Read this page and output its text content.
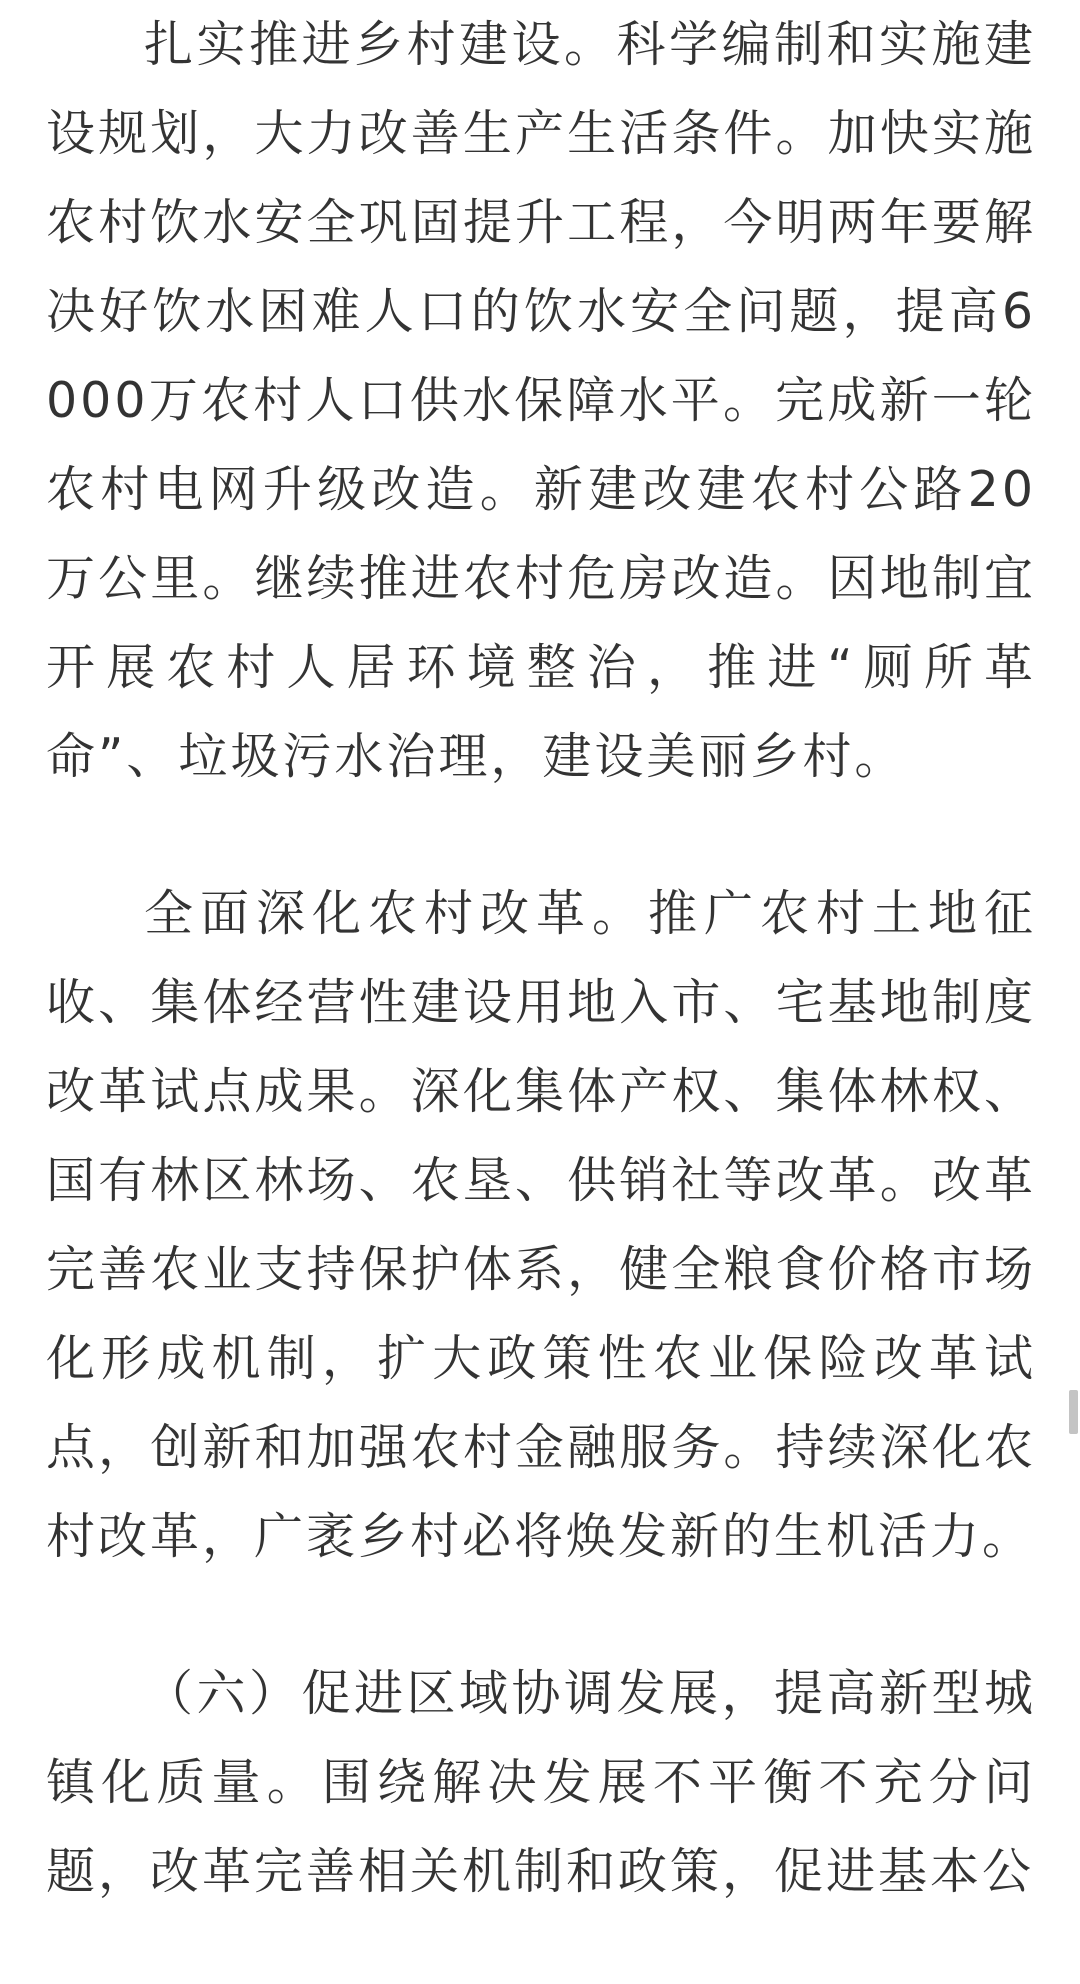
扎实推进乡村建设。科学编制和实施建设规划，大力改善生产生活条件。加快实施农村饮水安全巩固提升工程，今明两年要解决好饮水困难人口的饮水安全问题，提高6000万农村人口供水保障水平。完成新一轮农村电网升级改造。新建改建农村公路20万公里。继续推进农村危房改造。因地制宜开展农村人居环境整治，推进“厕所革命”、垃圾污水治理，建设美丽乡村。

全面深化农村改革。推广农村土地征收、集体经营性建设用地入市、宅基地制度改革试点成果。深化集体产权、集体林权、国有林区林场、农垦、供销社等改革。改革完善农业支持保护体系，健全粮食价格市场化形成机制，扩大政策性农业保险改革试点，创新和加强农村金融服务。持续深化农村改革，广袤乡村必将焕发新的生机活力。

（六）促进区域协调发展，提高新型城镇化质量。围绕解决发展不平衡不充分问题，改革完善相关机制和政策，促进基本公
